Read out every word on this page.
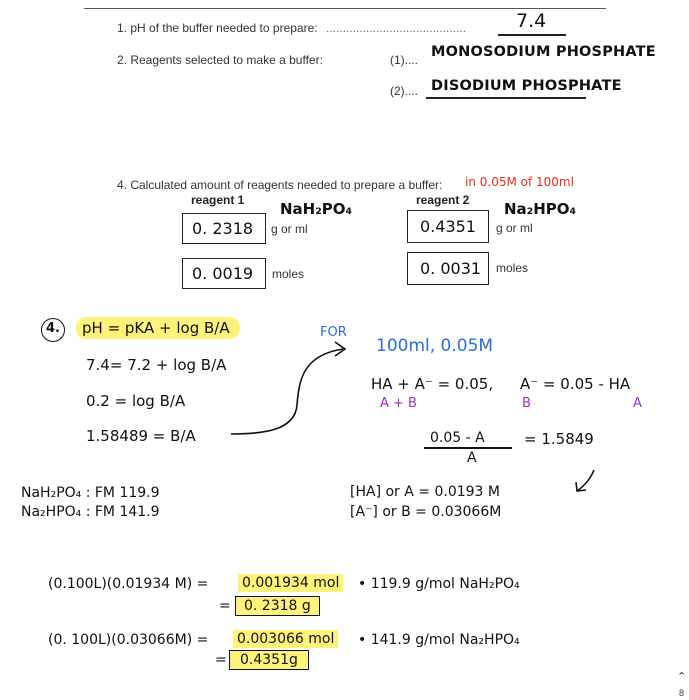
1. pH of the buffer needed to prepare: ..........................................	7.4
2. Reagents selected to make a buffer:	(1).... MONOSODIUM PHOSPHATE
(2).... DISODIUM PHOSPHATE
4. Calculated amount of reagents needed to prepare a buffer: in 0.05M of 100ml
reagent 1 NaH₂PO₄
0. 2318 g or ml
0. 0019 moles
reagent 2 Na₂HPO₄
0.4351 g or ml
0. 0031 moles
4.	pH = pKA + log B/A
7.4= 7.2 + log B/A
0.2 = log B/A
1.58489 = B/A
FOR
100ml, 0.05M
HA + A⁻ = 0.05, A⁻ = 0.05 - HA
A + B	B	A
0.05 - A
A
= 1.5849
NaH₂PO₄ : FM 119.9
Na₂HPO₄ : FM 141.9
[HA] or A = 0.0193 M
[A⁻] or B = 0.03066M
(0.100L)(0.01934 M) = 0.001934 mol • 119.9 g/mol NaH₂PO₄
= 0. 2318 g
(0. 100L)(0.03066M) = 0.003066 mol • 141.9 g/mol Na₂HPO₄
= 0.4351g
⌃
8
